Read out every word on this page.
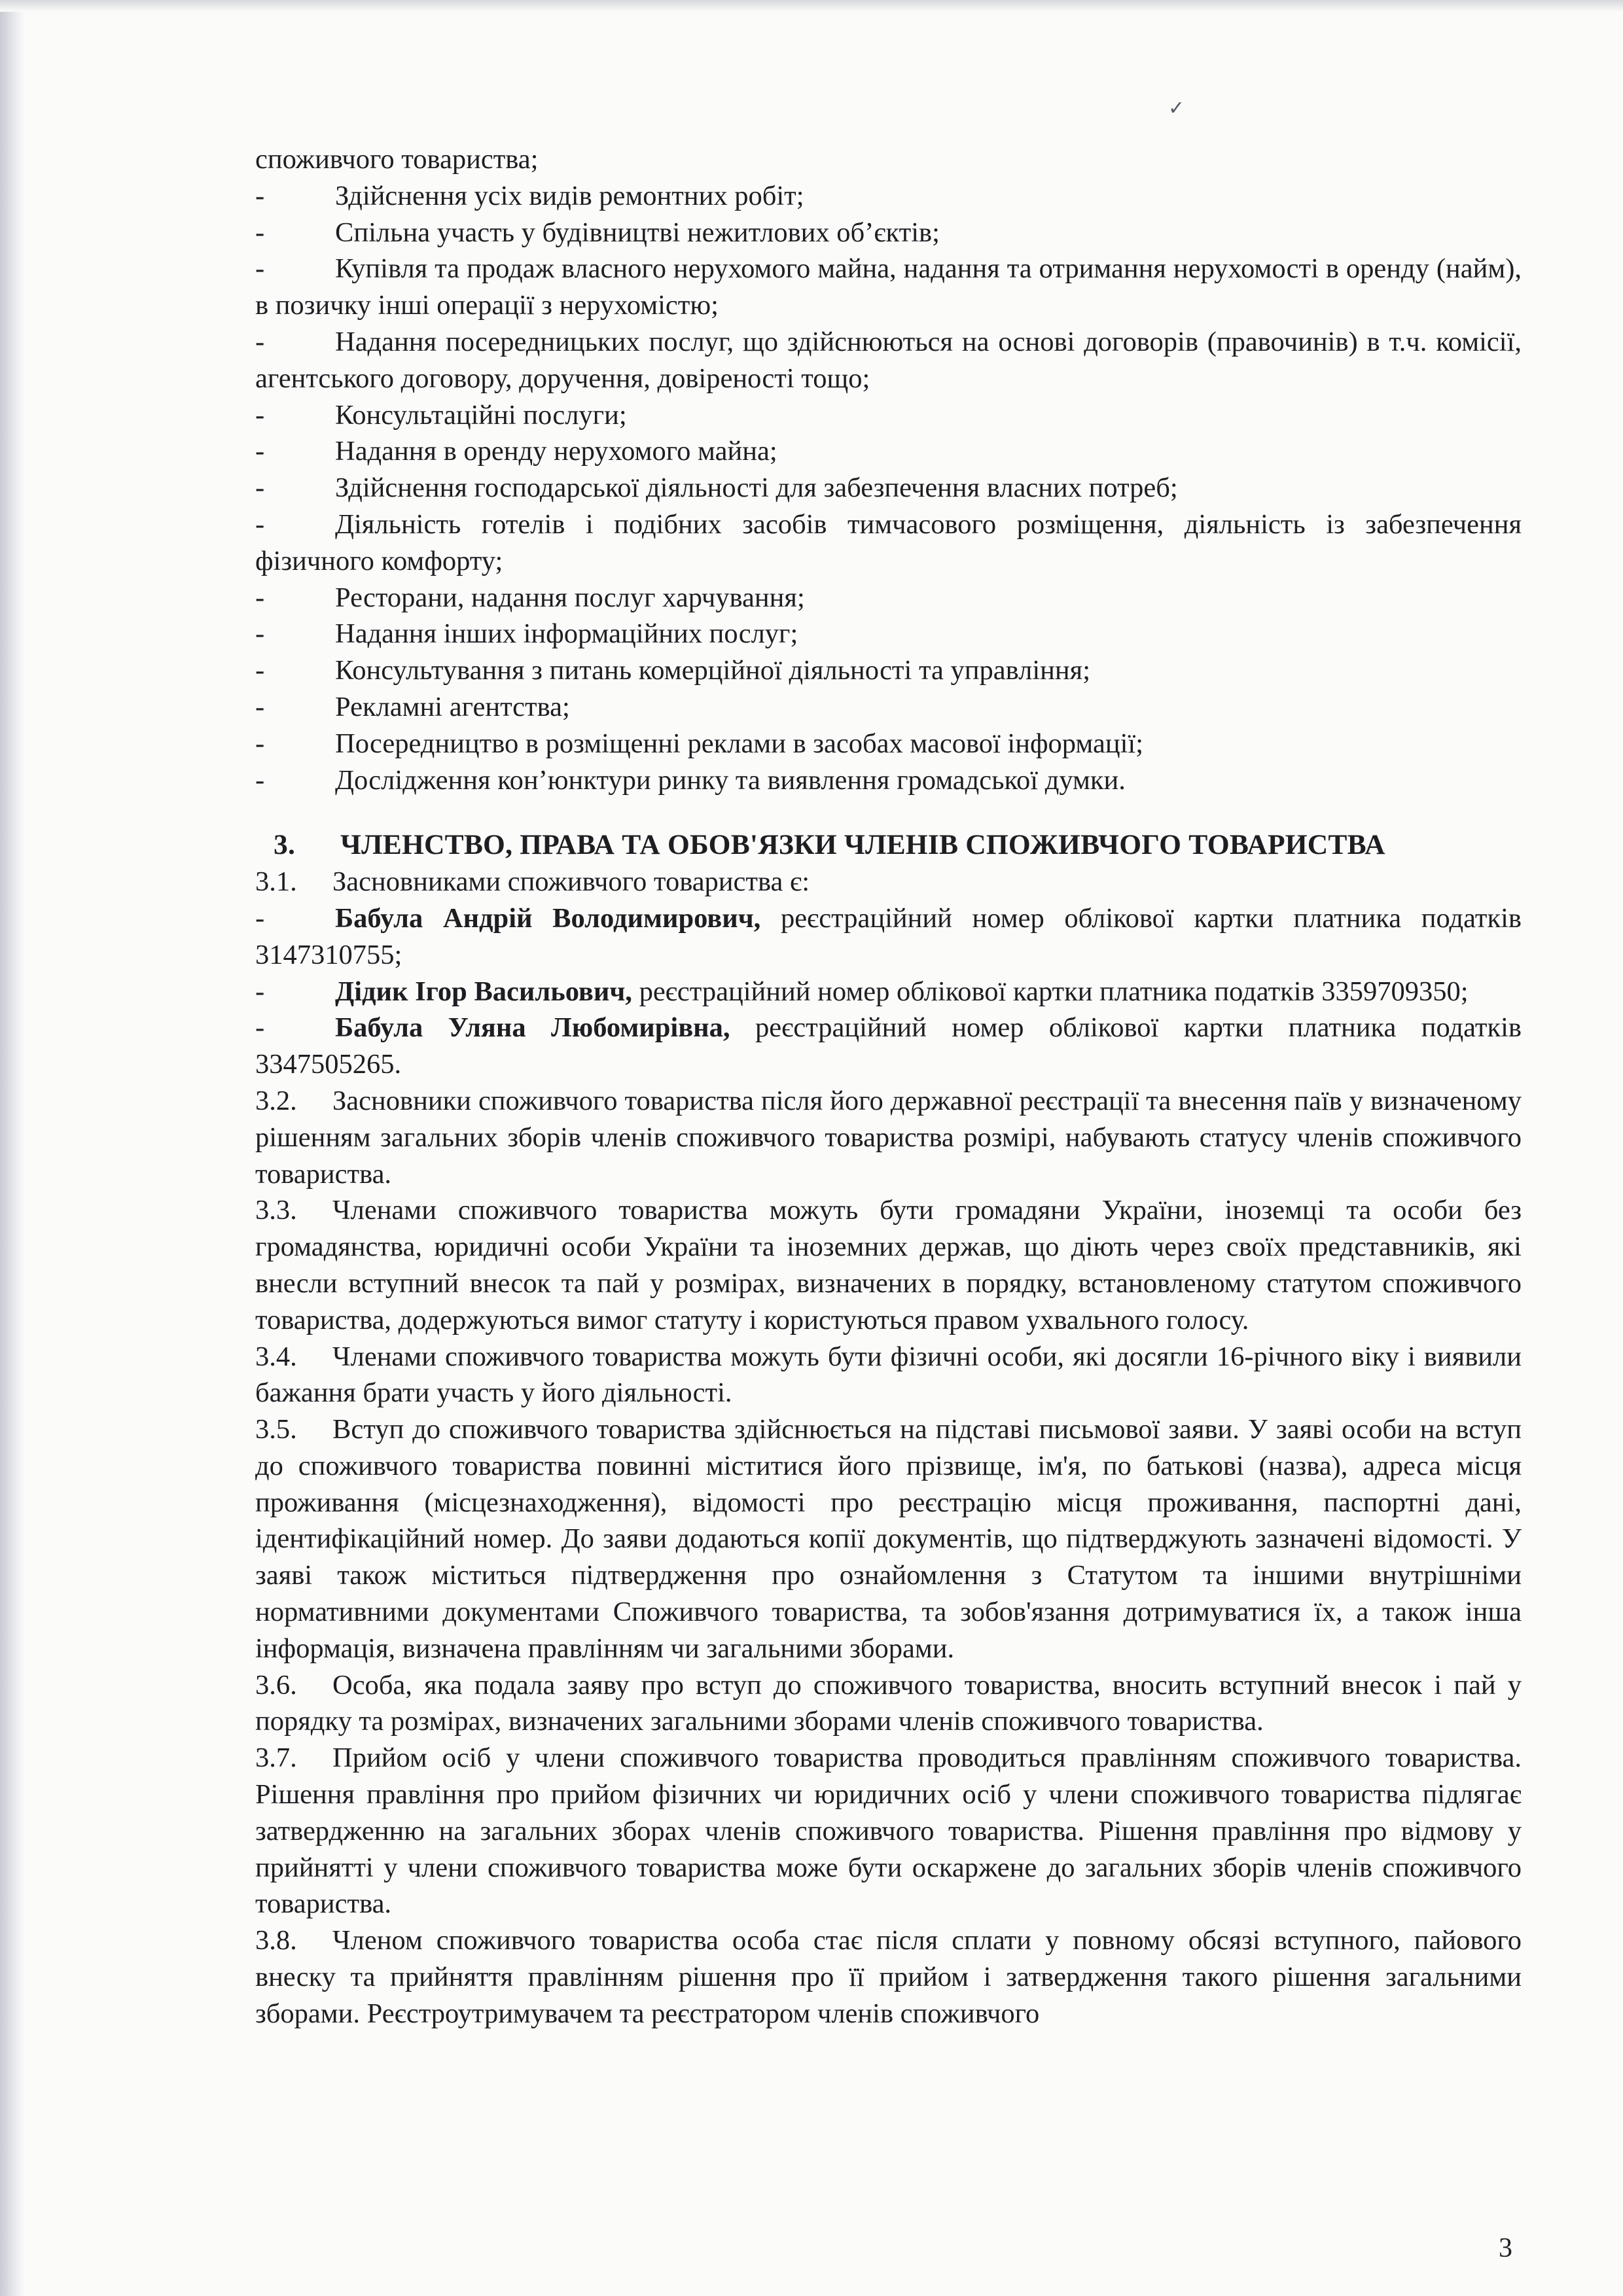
✓

споживчого товариства;

-	Здійснення усіх видів ремонтних робіт;

-	Спільна участь у будівництві нежитлових об’єктів;

-	Купівля та продаж власного нерухомого майна, надання та отримання нерухомості в оренду (найм), в позичку інші операції з нерухомістю;

-	Надання посередницьких послуг, що здійснюються на основі договорів (правочинів) в т.ч. комісії, агентського договору, доручення, довіреності тощо;

-	Консультаційні послуги;

-	Надання в оренду нерухомого майна;

-	Здійснення господарської діяльності для забезпечення власних потреб;

-	Діяльність готелів і подібних засобів тимчасового розміщення, діяльність із забезпечення фізичного комфорту;

-	Ресторани, надання послуг харчування;

-	Надання інших інформаційних послуг;

-	Консультування з питань комерційної діяльності та управління;

-	Рекламні агентства;

-	Посередництво в розміщенні реклами в засобах масової інформації;

-	Дослідження кон’юнктури ринку та виявлення громадської думки.

3. ЧЛЕНСТВО, ПРАВА ТА ОБОВ'ЯЗКИ ЧЛЕНІВ СПОЖИВЧОГО ТОВАРИСТВА

3.1. Засновниками споживчого товариства є:

-	Бабула Андрій Володимирович, реєстраційний номер облікової картки платника податків 3147310755;

-	Дідик Ігор Васильович, реєстраційний номер облікової картки платника податків 3359709350;

-	Бабула Уляна Любомирівна, реєстраційний номер облікової картки платника податків 3347505265.

3.2. Засновники споживчого товариства після його державної реєстрації та внесення паїв у визначеному рішенням загальних зборів членів споживчого товариства розмірі, набувають статусу членів споживчого товариства.

3.3. Членами споживчого товариства можуть бути громадяни України, іноземці та особи без громадянства, юридичні особи України та іноземних держав, що діють через своїх представників, які внесли вступний внесок та пай у розмірах, визначених в порядку, встановленому статутом споживчого товариства, додержуються вимог статуту і користуються правом ухвального голосу.

3.4. Членами споживчого товариства можуть бути фізичні особи, які досягли 16-річного віку і виявили бажання брати участь у його діяльності.

3.5. Вступ до споживчого товариства здійснюється на підставі письмової заяви. У заяві особи на вступ до споживчого товариства повинні міститися його прізвище, ім'я, по батькові (назва), адреса місця проживання (місцезнаходження), відомості про реєстрацію місця проживання, паспортні дані, ідентифікаційний номер. До заяви додаються копії документів, що підтверджують зазначені відомості. У заяві також міститься підтвердження про ознайомлення з Статутом та іншими внутрішніми нормативними документами Споживчого товариства, та зобов'язання дотримуватися їх, а також інша інформація, визначена правлінням чи загальними зборами.

3.6. Особа, яка подала заяву про вступ до споживчого товариства, вносить вступний внесок і пай у порядку та розмірах, визначених загальними зборами членів споживчого товариства.

3.7. Прийом осіб у члени споживчого товариства проводиться правлінням споживчого товариства. Рішення правління про прийом фізичних чи юридичних осіб у члени споживчого товариства підлягає затвердженню на загальних зборах членів споживчого товариства. Рішення правління про відмову у прийнятті у члени споживчого товариства може бути оскаржене до загальних зборів членів споживчого товариства.

3.8. Членом споживчого товариства особа стає після сплати у повному обсязі вступного, пайового внеску та прийняття правлінням рішення про її прийом і затвердження такого рішення загальними зборами. Реєстроутримувачем та реєстратором членів споживчого

3
